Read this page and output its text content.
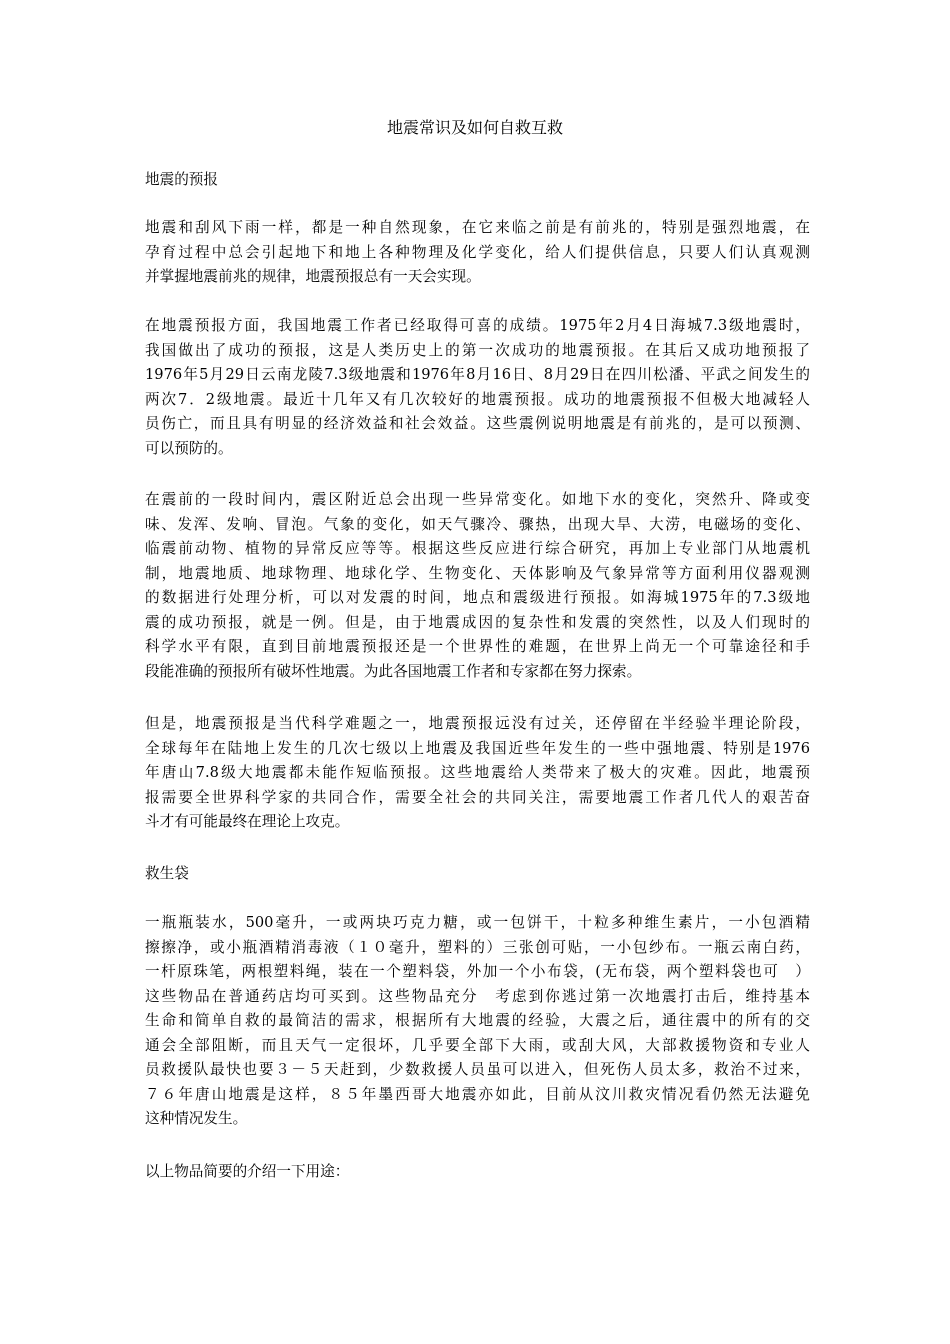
地震常识及如何自救互救
地震的预报
地震和刮风下雨一样，都是一种自然现象，在它来临之前是有前兆的，特别是强烈地震，在
孕育过程中总会引起地下和地上各种物理及化学变化，给人们提供信息，只要人们认真观测
并掌握地震前兆的规律，地震预报总有一天会实现。
在地震预报方面，我国地震工作者已经取得可喜的成绩。1975年2月4日海城7.3级地震时，
我国做出了成功的预报，这是人类历史上的第一次成功的地震预报。在其后又成功地预报了
1976年5月29日云南龙陵7.3级地震和1976年8月16日、8月29日在四川松潘、平武之间发生的
两次7．2级地震。最近十几年又有几次较好的地震预报。成功的地震预报不但极大地减轻人
员伤亡，而且具有明显的经济效益和社会效益。这些震例说明地震是有前兆的，是可以预测、
可以预防的。
在震前的一段时间内，震区附近总会出现一些异常变化。如地下水的变化，突然升、降或变
味、发浑、发响、冒泡。气象的变化，如天气骤冷、骤热，出现大旱、大涝，电磁场的变化、
临震前动物、植物的异常反应等等。根据这些反应进行综合研究，再加上专业部门从地震机
制，地震地质、地球物理、地球化学、生物变化、天体影响及气象异常等方面利用仪器观测
的数据进行处理分析，可以对发震的时间，地点和震级进行预报。如海城1975年的7.3级地
震的成功预报，就是一例。但是，由于地震成因的复杂性和发震的突然性，以及人们现时的
科学水平有限，直到目前地震预报还是一个世界性的难题，在世界上尚无一个可靠途径和手
段能准确的预报所有破坏性地震。为此各国地震工作者和专家都在努力探索。
但是，地震预报是当代科学难题之一，地震预报远没有过关，还停留在半经验半理论阶段，
全球每年在陆地上发生的几次七级以上地震及我国近些年发生的一些中强地震、特别是1976
年唐山7.8级大地震都未能作短临预报。这些地震给人类带来了极大的灾难。因此，地震预
报需要全世界科学家的共同合作，需要全社会的共同关注，需要地震工作者几代人的艰苦奋
斗才有可能最终在理论上攻克。
救生袋
一瓶瓶装水，500毫升，一或两块巧克力糖，或一包饼干，十粒多种维生素片，一小包酒精
擦擦净，或小瓶酒精消毒液（１０毫升，塑料的）三张创可贴，一小包纱布。一瓶云南白药，
一杆原珠笔，两根塑料绳，装在一个塑料袋，外加一个小布袋，(无布袋，两个塑料袋也可　）
这些物品在普通药店均可买到。这些物品充分　考虑到你逃过第一次地震打击后，维持基本
生命和简单自救的最简洁的需求，根据所有大地震的经验，大震之后，通往震中的所有的交
通会全部阻断，而且天气一定很坏，几乎要全部下大雨，或刮大风，大部救援物资和专业人
员救援队最快也要３－５天赶到，少数救援人员虽可以进入，但死伤人员太多，救治不过来，
７６年唐山地震是这样，８５年墨西哥大地震亦如此，目前从汶川救灾情况看仍然无法避免
这种情况发生。
以上物品简要的介绍一下用途：
